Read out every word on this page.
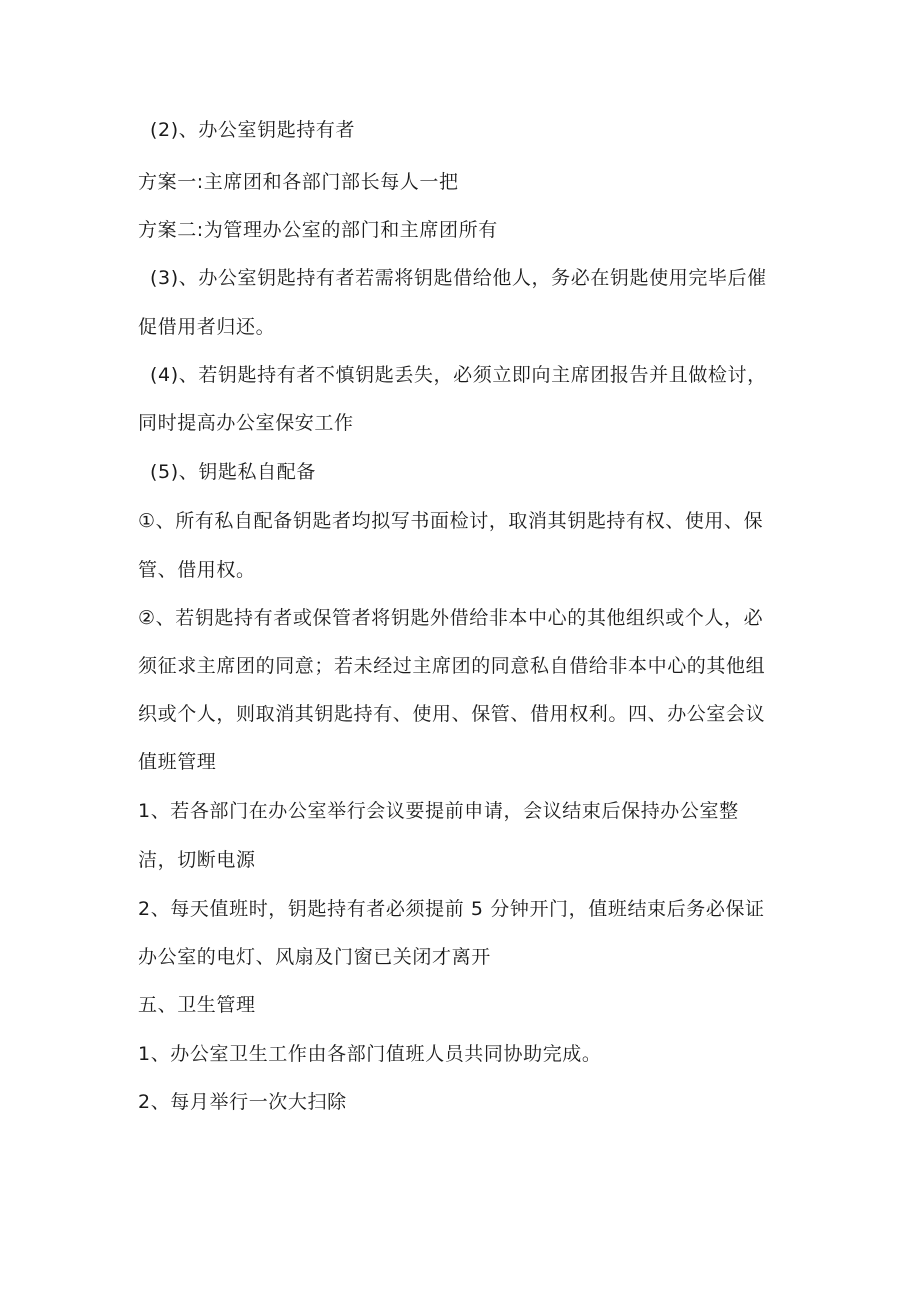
(2)、办公室钥匙持有者
方案一:主席团和各部门部长每人一把
方案二:为管理办公室的部门和主席团所有
(3)、办公室钥匙持有者若需将钥匙借给他人，务必在钥匙使用完毕后催
促借用者归还。
(4)、若钥匙持有者不慎钥匙丢失，必须立即向主席团报告并且做检讨，
同时提高办公室保安工作
(5)、钥匙私自配备
①、所有私自配备钥匙者均拟写书面检讨，取消其钥匙持有权、使用、保
管、借用权。
②、若钥匙持有者或保管者将钥匙外借给非本中心的其他组织或个人，必
须征求主席团的同意；若未经过主席团的同意私自借给非本中心的其他组
织或个人，则取消其钥匙持有、使用、保管、借用权利。四、办公室会议
值班管理
1、若各部门在办公室举行会议要提前申请，会议结束后保持办公室整
洁，切断电源
2、每天值班时，钥匙持有者必须提前 5 分钟开门，值班结束后务必保证
办公室的电灯、风扇及门窗已关闭才离开
五、卫生管理
1、办公室卫生工作由各部门值班人员共同协助完成。
2、每月举行一次大扫除
